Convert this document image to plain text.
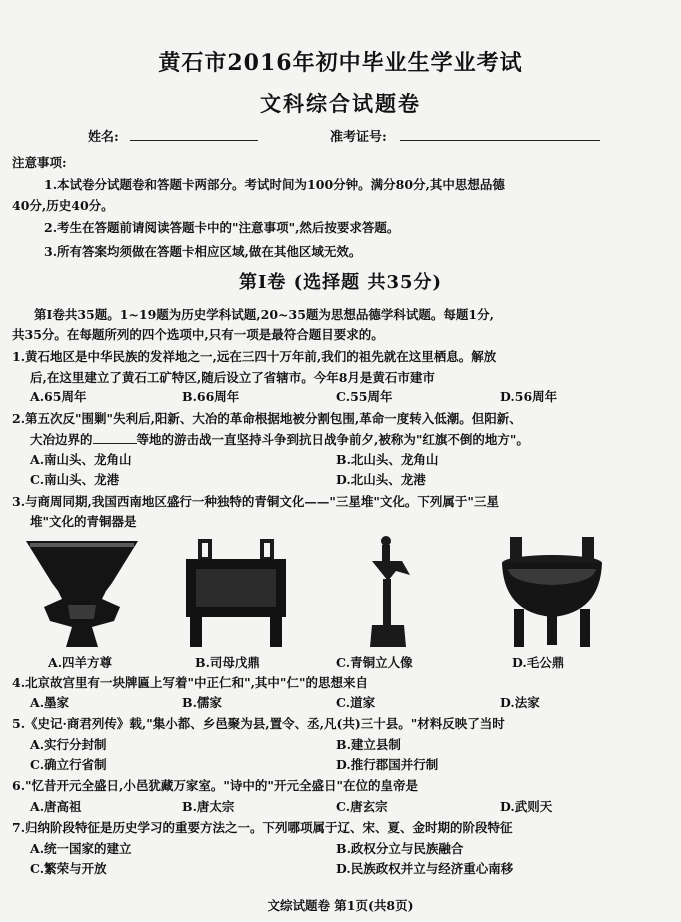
黄石市2016年初中毕业生学业考试
文科综合试题卷
姓名:	准考证号:
注意事项:
1.本试卷分试题卷和答题卡两部分。考试时间为100分钟。满分80分,其中思想品德
40分,历史40分。
2.考生在答题前请阅读答题卡中的"注意事项",然后按要求答题。
3.所有答案均须做在答题卡相应区域,做在其他区域无效。
第Ⅰ卷 (选择题 共35分)
第Ⅰ卷共35题。1~19题为历史学科试题,20~35题为思想品德学科试题。每题1分,
共35分。在每题所列的四个选项中,只有一项是最符合题目要求的。
1.黄石地区是中华民族的发祥地之一,远在三四十万年前,我们的祖先就在这里栖息。解放
后,在这里建立了黄石工矿特区,随后设立了省辖市。今年8月是黄石市建市
A.65周年	B.66周年	C.55周年	D.56周年
2.第五次反"围剿"失利后,阳新、大冶的革命根据地被分割包围,革命一度转入低潮。但阳新、
大冶边界的	等地的游击战一直坚持斗争到抗日战争前夕,被称为"红旗不倒的地方"。
A.南山头、龙角山	B.北山头、龙角山
C.南山头、龙港	D.北山头、龙港
3.与商周同期,我国西南地区盛行一种独特的青铜文化——"三星堆"文化。下列属于"三星
堆"文化的青铜器是
A.四羊方尊	B.司母戊鼎	C.青铜立人像	D.毛公鼎
4.北京故宫里有一块牌匾上写着"中正仁和",其中"仁"的思想来自
A.墨家	B.儒家	C.道家	D.法家
5.《史记·商君列传》载,"集小都、乡邑聚为县,置令、丞,凡(共)三十县。"材料反映了当时
A.实行分封制	B.建立县制
C.确立行省制	D.推行郡国并行制
6."忆昔开元全盛日,小邑犹藏万家室。"诗中的"开元全盛日"在位的皇帝是
A.唐高祖	B.唐太宗	C.唐玄宗	D.武则天
7.归纳阶段特征是历史学习的重要方法之一。下列哪项属于辽、宋、夏、金时期的阶段特征
A.统一国家的建立	B.政权分立与民族融合
C.繁荣与开放	D.民族政权并立与经济重心南移
文综试题卷 第1页(共8页)
